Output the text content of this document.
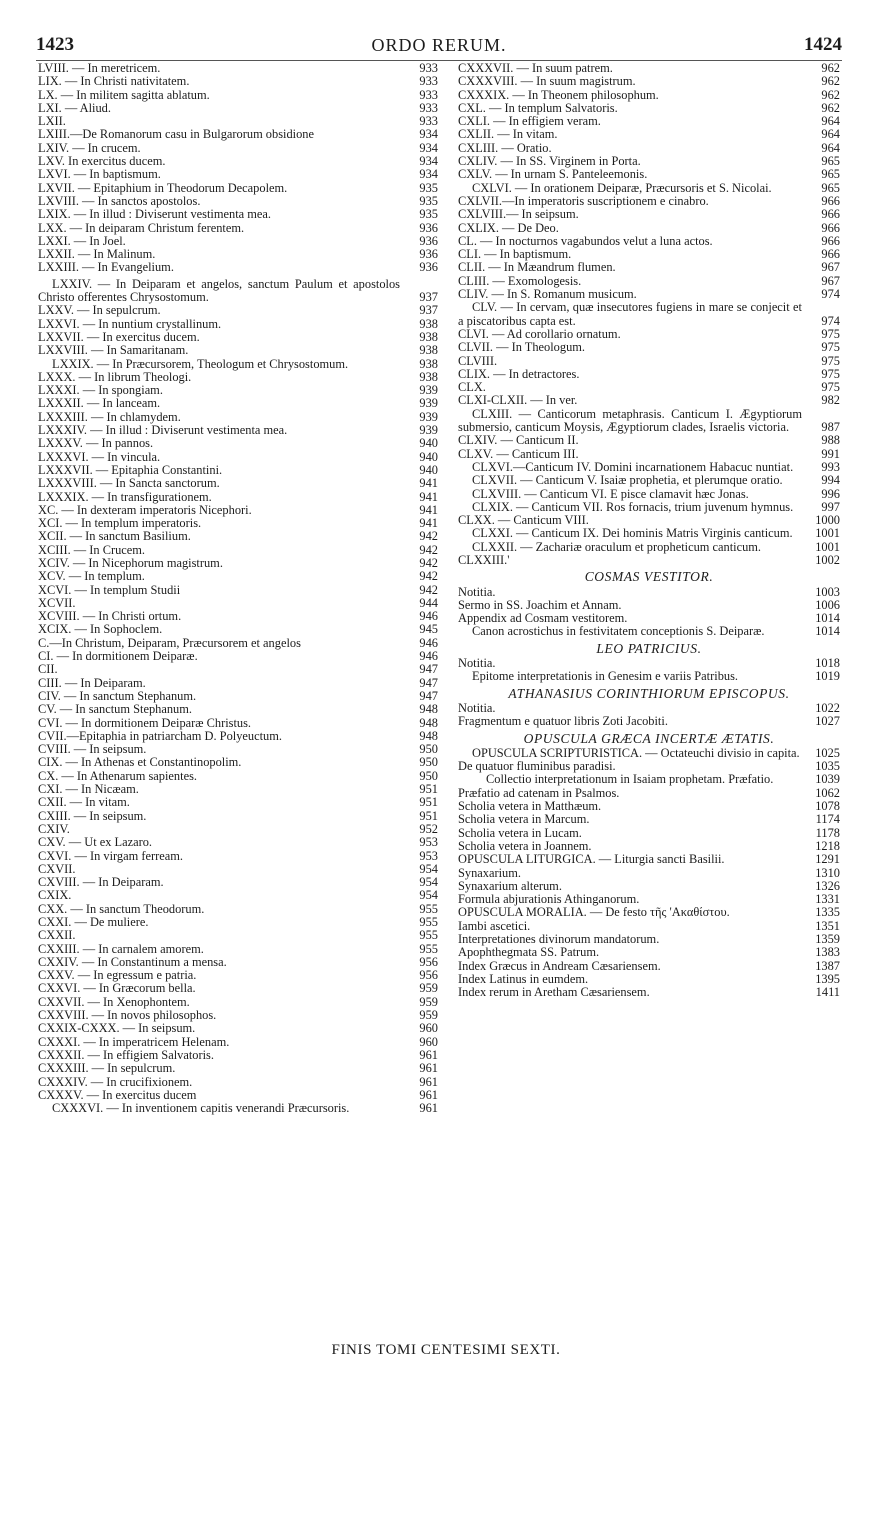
1423	ORDO RERUM.	1424
LVIII. — In meretricem.	933
LIX. — In Christi nativitatem.	933
LX. — In militem sagitta ablatum.	933
LXI. — Aliud.	933
LXII.	933
LXIII.—De Romanorum casu in Bulgarorum obsidione	934
LXIV. — In crucem.	934
LXV. In exercitus ducem.	934
LXVI. — In baptismum.	934
LXVII. — Epitaphium in Theodorum Decapolem.	935
LXVIII. — In sanctos apostolos.	935
LXIX. — In illud : Diviserunt vestimenta mea.	935
LXX. — In deiparam Christum ferentem.	936
LXXI. — In Joel.	936
LXXII. — In Malinum.	936
LXXIII. — In Evangelium.	936
LXXIV. — In Deiparam et angelos, sanctum Paulum et apostolos Christo offerentes Chrysostomum.	937
LXXV. — In sepulcrum.	937
LXXVI. — In nuntium crystallinum.	938
LXXVII. — In exercitus ducem.	938
LXXVIII. — In Samaritanam.	938
LXXIX. — In Præcursorem, Theologum et Chrysostomum.	938
LXXX. — In librum Theologi.	938
LXXXI. — In spongiam.	939
LXXXII. — In lanceam.	939
LXXXIII. — In chlamydem.	939
LXXXIV. — In illud : Diviserunt vestimenta mea.	939
LXXXV. — In pannos.	940
LXXXVI. — In vincula.	940
LXXXVII. — Epitaphia Constantini.	940
LXXXVIII. — In Sancta sanctorum.	941
LXXXIX. — In transfigurationem.	941
XC. — In dexteram imperatoris Nicephori.	941
XCI. — In templum imperatoris.	941
XCII. — In sanctum Basilium.	942
XCIII. — In Crucem.	942
XCIV. — In Nicephorum magistrum.	942
XCV. — In templum.	942
XCVI. — In templum Studii	942
XCVII.	944
XCVIII. — In Christi ortum.	946
XCIX. — In Sophoclem.	945
C.—In Christum, Deiparam, Præcursorem et angelos	946
CI. — In dormitionem Deiparæ.	946
CII.	947
CIII. — In Deiparam.	947
CIV. — In sanctum Stephanum.	947
CV. — In sanctum Stephanum.	948
CVI. — In dormitionem Deiparæ Christus.	948
CVII.—Epitaphia in patriarcham D. Polyeuctum.	948
CVIII. — In seipsum.	950
CIX. — In Athenas et Constantinopolim.	950
CX. — In Athenarum sapientes.	950
CXI. — In Nicæam.	951
CXII. — In vitam.	951
CXIII. — In seipsum.	951
CXIV.	952
CXV. — Ut ex Lazaro.	953
CXVI. — In virgam ferream.	953
CXVII.	954
CXVIII. — In Deiparam.	954
CXIX.	954
CXX. — In sanctum Theodorum.	955
CXXI. — De muliere.	955
CXXII.	955
CXXIII. — In carnalem amorem.	955
CXXIV. — In Constantinum a mensa.	956
CXXV. — In egressum e patria.	956
CXXVI. — In Græcorum bella.	959
CXXVII. — In Xenophontem.	959
CXXVIII. — In novos philosophos.	959
CXXIX-CXXX. — In seipsum.	960
CXXXI. — In imperatricem Helenam.	960
CXXXII. — In effigiem Salvatoris.	961
CXXXIII. — In sepulcrum.	961
CXXXIV. — In crucifixionem.	961
CXXXV. — In exercitus ducem	961
CXXXVI. — In inventionem capitis venerandi Præcursoris.	961
CXXXVII. — In suum patrem.	962
CXXXVIII. — In suum magistrum.	962
CXXXIX. — In Theonem philosophum.	962
CXL. — In templum Salvatoris.	962
CXLI. — In effigiem veram.	964
CXLII. — In vitam.	964
CXLIII. — Oratio.	964
CXLIV. — In SS. Virginem in Porta.	965
CXLV. — In urnam S. Panteleemonis.	965
CXLVI. — In orationem Deiparæ, Præcursoris et S. Nicolai.	965
CXLVII.—In imperatoris suscriptionem e cinabro.	966
CXLVIII.— In seipsum.	966
CXLIX. — De Deo.	966
CL. — In nocturnos vagabundos velut a luna actos.	966
CLI. — In baptismum.	966
CLII. — In Mæandrum flumen.	967
CLIII. — Exomologesis.	967
CLIV. — In S. Romanum musicum.	974
CLV. — In cervam, quæ insecutores fugiens in mare se conjecit et a piscatoribus capta est.	974
CLVI. — Ad corollario ornatum.	975
CLVII. — In Theologum.	975
CLVIII.	975
CLIX. — In detractores.	975
CLX.	975
CLXI-CLXII. — In ver.	982
CLXIII. — Canticorum metaphrasis. Canticum I. Ægyptiorum submersio, canticum Moysis, Ægyptiorum clades, Israelis victoria.	987
CLXIV. — Canticum II.	988
CLXV. — Canticum III.	991
CLXVI.—Canticum IV. Domini incarnationem Habacuc nuntiat.	993
CLXVII. — Canticum V. Isaiæ prophetia, et plerumque oratio.	994
CLXVIII. — Canticum VI. E pisce clamavit hæc Jonas.	996
CLXIX. — Canticum VII. Ros fornacis, trium juvenum hymnus.	997
CLXX. — Canticum VIII.	1000
CLXXI. — Canticum IX. Dei hominis Matris Virginis canticum.	1001
CLXXII. — Zachariæ oraculum et propheticum canticum.	1001
CLXXIII.'	1002
COSMAS VESTITOR.
Notitia.	1003
Sermo in SS. Joachim et Annam.	1006
Appendix ad Cosmam vestitorem.	1014
Canon acrostichus in festivitatem conceptionis S. Deiparæ.	1014
LEO PATRICIUS.
Notitia.	1018
Epitome interpretationis in Genesim e variis Patribus.	1019
ATHANASIUS CORINTHIORUM EPISCOPUS.
Notitia.	1022
Fragmentum e quatuor libris Zoti Jacobiti.	1027
OPUSCULA GRÆCA INCERTÆ ÆTATIS.
OPUSCULA SCRIPTURISTICA. — Octateuchi divisio in capita. 1025
De quatuor fluminibus paradisi.	1035
Collectio interpretationum in Isaiam prophetam. Præfatio.	1039
Præfatio ad catenam in Psalmos.	1062
Scholia vetera in Matthæum.	1078
Scholia vetera in Marcum.	1174
Scholia vetera in Lucam.	1178
Scholia vetera in Joannem.	1218
OPUSCULA LITURGICA. — Liturgia sancti Basilii.	1291
Synaxarium.	1310
Synaxarium alterum.	1326
Formula abjurationis Athinganorum.	1331
OPUSCULA MORALIA. — De festo τῆς 'Ακαθίστου.	1335
Iambi ascetici.	1351
Interpretationes divinorum mandatorum.	1359
Apophthegmata SS. Patrum.	1383
Index Græcus in Andream Cæsariensem.	1387
Index Latinus in eumdem.	1395
Index rerum in Aretham Cæsariensem.	1411
FINIS TOMI CENTESIMI SEXTI.
